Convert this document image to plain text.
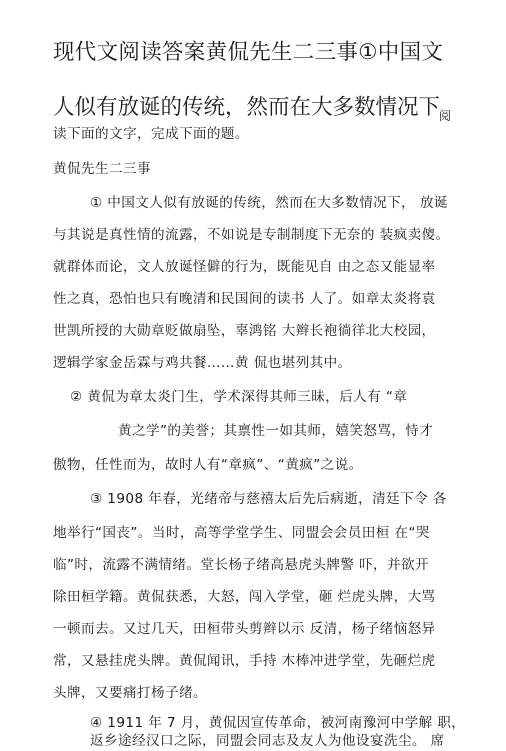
现代文阅读答案黄侃先生二三事①中国文
人似有放诞的传统，然而在大多数情况下
阅
读下面的文字，完成下面的题。
黄侃先生二三事
① 中国文人似有放诞的传统，然而在大多数情况下， 放诞
与其说是真性情的流露，不如说是专制制度下无奈的 装疯卖傻。
就群体而论，文人放诞怪僻的行为，既能见自 由之态又能显率
性之真，恐怕也只有晚清和民国间的读书 人了。如章太炎将袁
世凯所授的大勋章贬做扇坠，辜鸿铭 大辫长袍徜徉北大校园，
逻辑学家金岳霖与鸡共餐……黄 侃也堪列其中。
② 黄侃为章太炎门生，学术深得其师三昧，后人有 “章
黄之学”的美誉；其禀性一如其师，嬉笑怒骂，恃才
傲物，任性而为，故时人有“章疯”、“黄疯”之说。
③ 1908 年春，光绪帝与慈禧太后先后病逝，清廷下令 各
地举行“国丧”。当时，高等学堂学生、同盟会会员田桓 在“哭
临”时，流露不满情绪。堂长杨子绪高悬虎头牌警 吓，并欲开
除田桓学籍。黄侃获悉，大怒，闯入学堂，砸 烂虎头牌，大骂
一顿而去。又过几天，田桓带头剪辫以示 反清，杨子绪恼怒异
常，又悬挂虎头牌。黄侃闻讯，手持 木棒冲进学堂，先砸烂虎
头牌，又要痛打杨子绪。
④ 1911 年 7 月，黄侃因宣传革命，被河南豫河中学解 职，
返乡途经汉口之际，同盟会同志及友人为他设宴洗尘。 席
